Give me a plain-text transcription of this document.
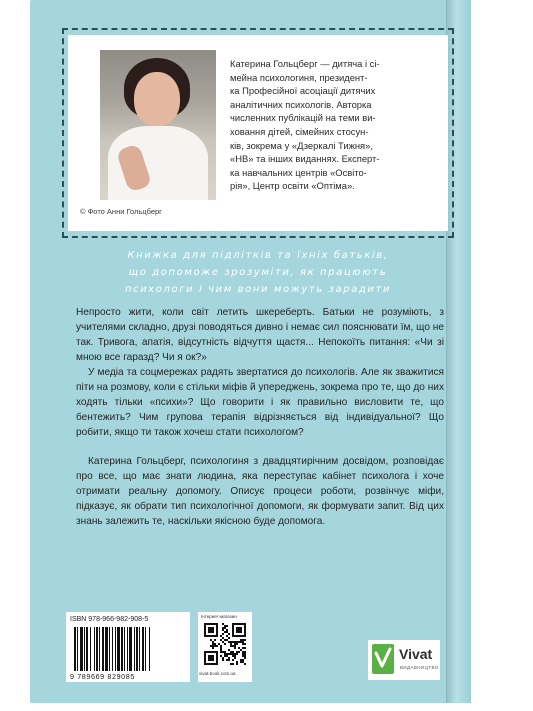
© Фото Анни Гольцберг
Катерина Гольцберг — дитяча і сі-
мейна психологиня, президент-
ка Професійної асоціації дитячих
аналітичних психологів. Авторка
численних публікацій на теми ви-
ховання дітей, сімейних стосун-
ків, зокрема у «Дзеркалі Тижня»,
«НВ» та інших виданнях. Експерт-
ка навчальних центрів «Освіто-
рія», Центр освіти «Оптіма».
Книжка для підлітків та їхніх батьків,
що допоможе зрозуміти, як працюють
психологи і чим вони можуть зарадити

Непросто жити, коли світ летить шкереберть. Батьки не розуміють, з учителями складно, друзі поводяться дивно і немає сил пояснювати їм, що не так. Тривога, апатія, відсутність відчуття щастя... Непокоїть питання: «Чи зі мною все гаразд? Чи я ок?»

У медіа та соцмережах радять звертатися до психологів. Але як зважитися піти на розмову, коли є стільки міфів й упереджень, зокрема про те, що до них ходять тільки «психи»? Що говорити і як правильно висловити те, що бентежить? Чим групова терапія відрізняється від індивідуальної? Що робити, якщо ти також хочеш стати психологом?

Катерина Гольцберг, психологиня з двадцятирічним досвідом, розповідає про все, що має знати людина, яка переступає кабінет психолога і хоче отримати реальну допомогу. Описує процеси роботи, розвінчує міфи, підказує, як обрати тип психологічної допомоги, як формувати запит. Від цих знань залежить те, наскільки якісною буде допомога.

ISBN 978-966-982-908-5
9 789669 829085
Інтернет-магазин
vivat-book.com.ua
Vivat
ВИДАВНИЦТВО
